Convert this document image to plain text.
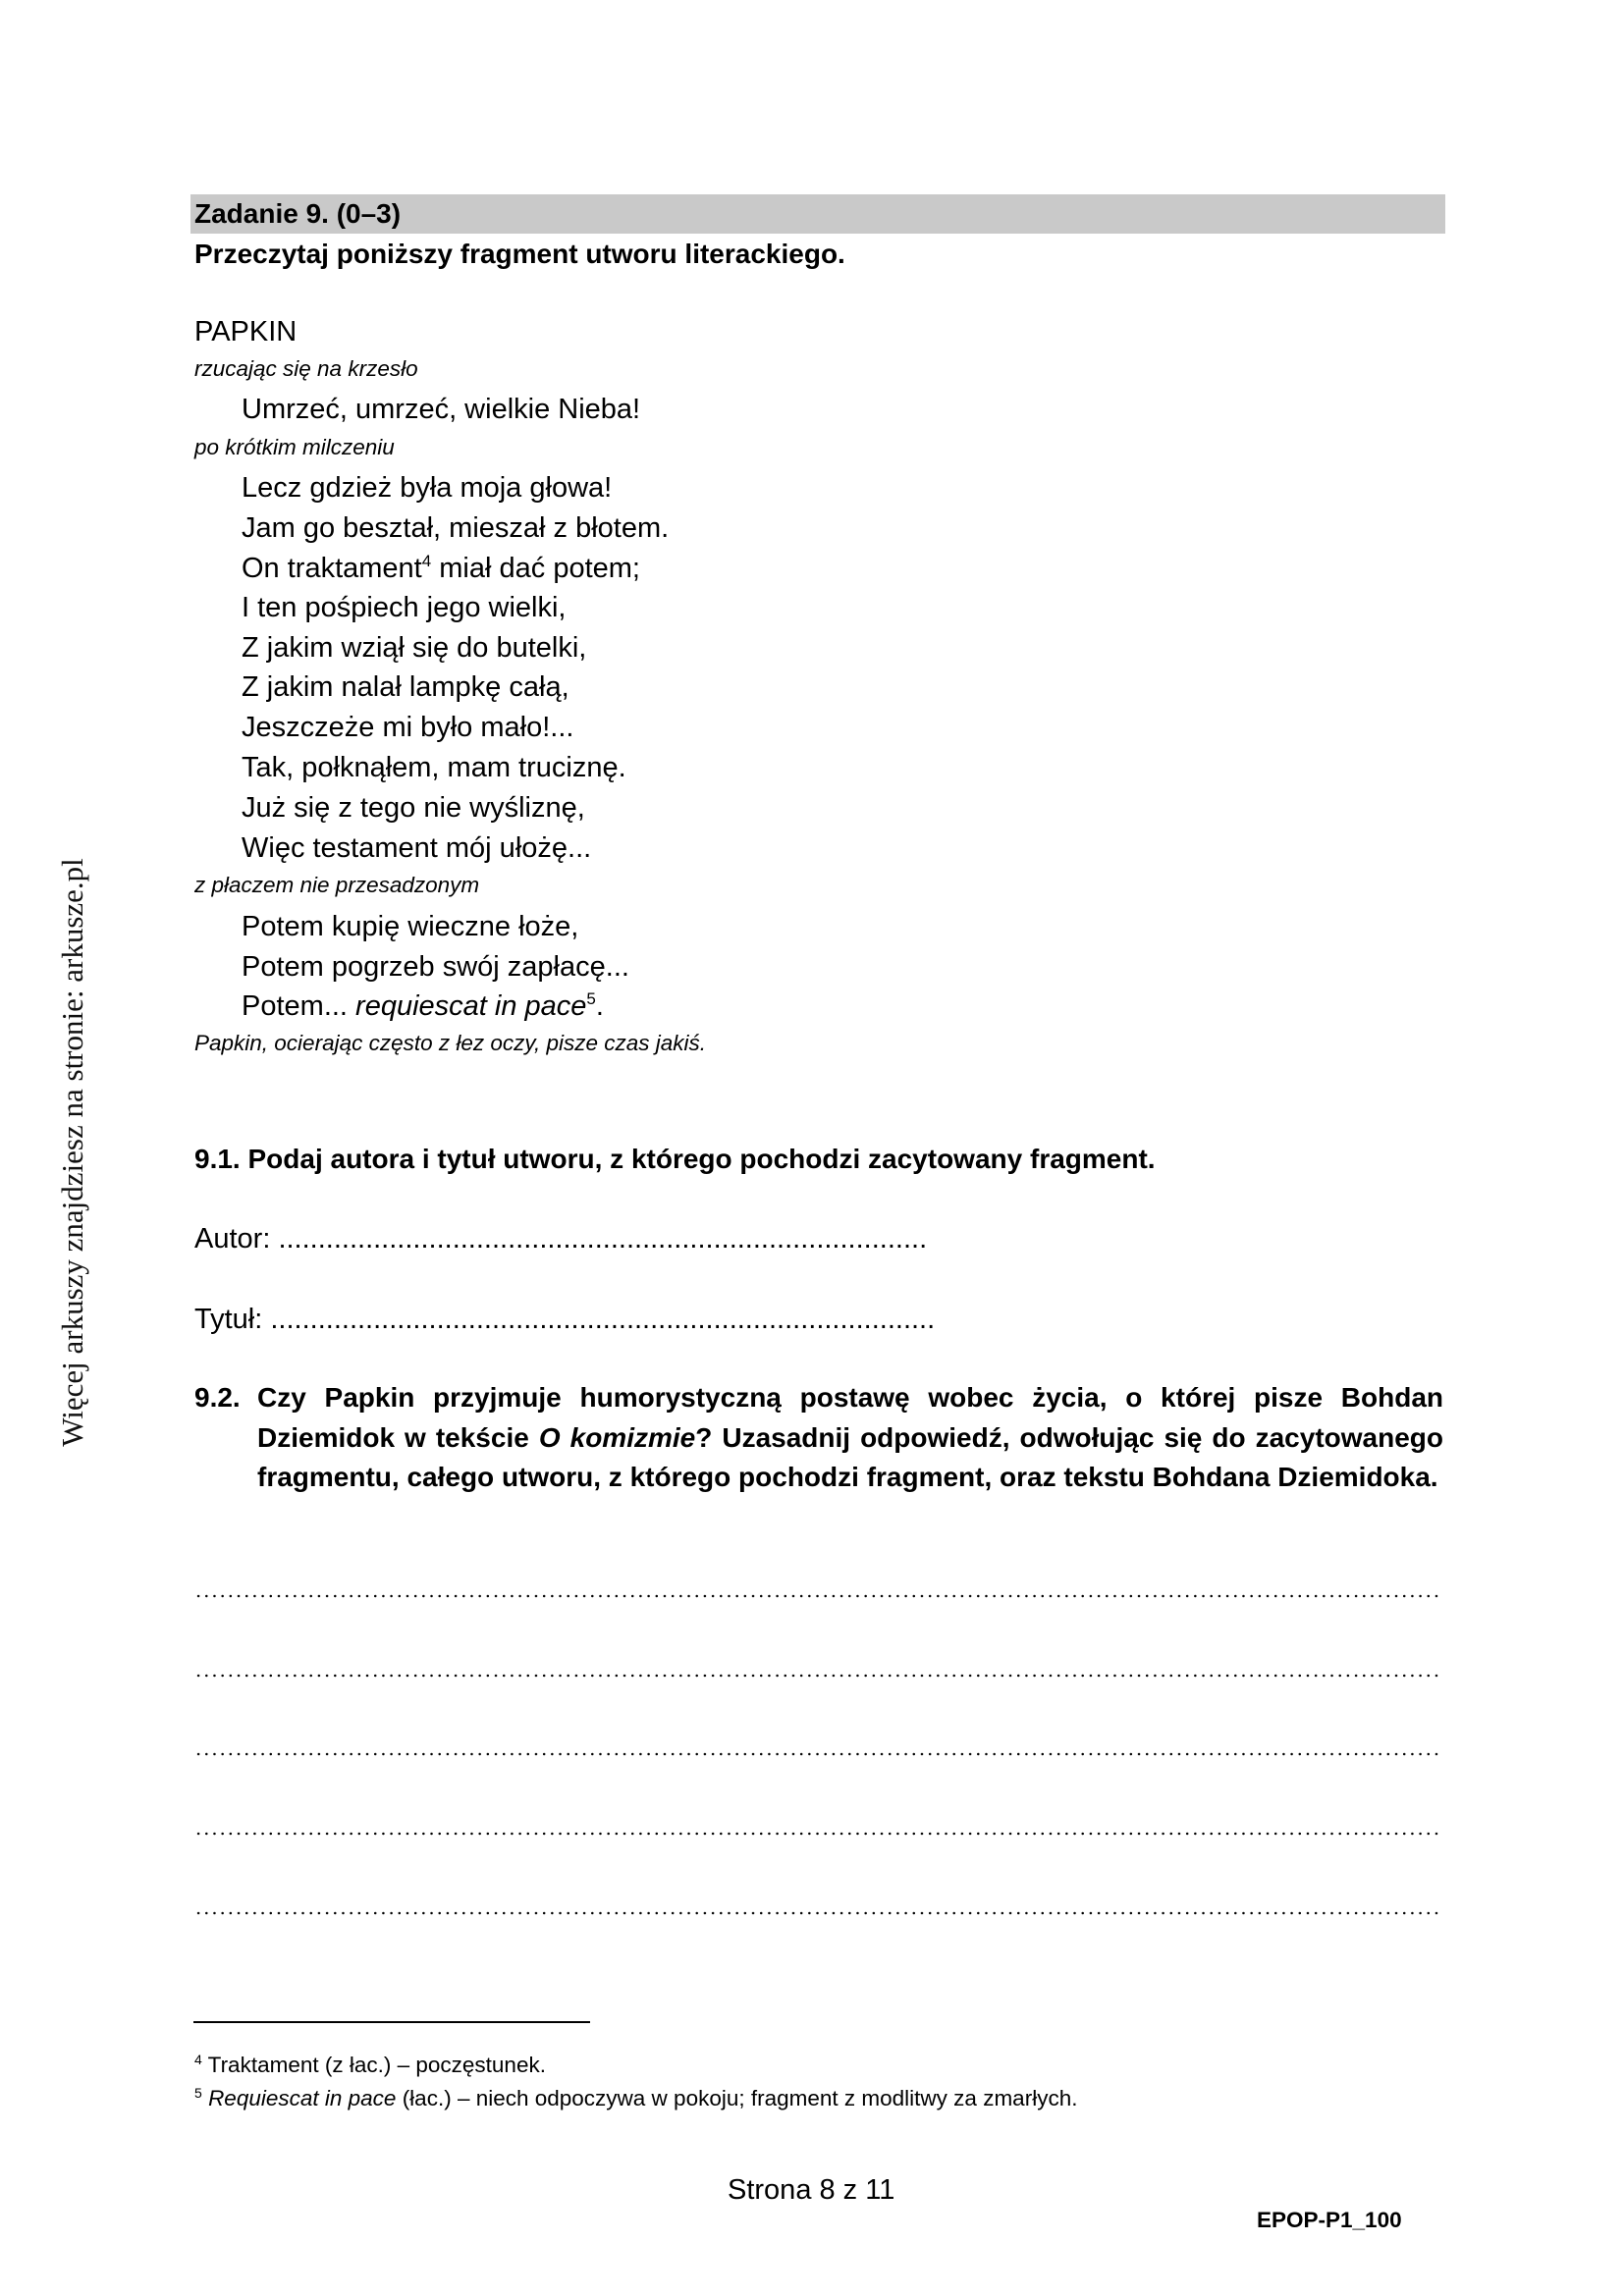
Więcej arkuszy znajdziesz na stronie: arkusze.pl
Zadanie 9. (0–3)
Przeczytaj poniższy fragment utworu literackiego.
PAPKIN
rzucając się na krzesło
Umrzeć, umrzeć, wielkie Nieba!
po krótkim milczeniu
Lecz gdzież była moja głowa!
Jam go beształ, mieszał z błotem.
On traktament$^4$ miał dać potem;
I ten pośpiech jego wielki,
Z jakim wziął się do butelki,
Z jakim nalał lampkę całą,
Jeszczeże mi było mało!...
Tak, połknąłem, mam truciznę.
Już się z tego nie wyśliznę,
Więc testament mój ułożę...
z płaczem nie przesadzonym
Potem kupię wieczne łoże,
Potem pogrzeb swój zapłacę...
Potem... requiescat in pace$^5$.
Papkin, ocierając często z łez oczy, pisze czas jakiś.
9.1. Podaj autora i tytuł utworu, z którego pochodzi zacytowany fragment.
Autor: ..................................................................................
Tytuł: ....................................................................................
9.2. Czy Papkin przyjmuje humorystyczną postawę wobec życia, o której pisze Bohdan Dziemidok w tekście O komizmie? Uzasadnij odpowiedź, odwołując się do zacytowanego fragmentu, całego utworu, z którego pochodzi fragment, oraz tekstu Bohdana Dziemidoka.
$^4$ Traktament (z łac.) – poczęstunek.
$^5$ Requiescat in pace (łac.) – niech odpoczywa w pokoju; fragment z modlitwy za zmarłych.
Strona 8 z 11
EPOP-P1_100
